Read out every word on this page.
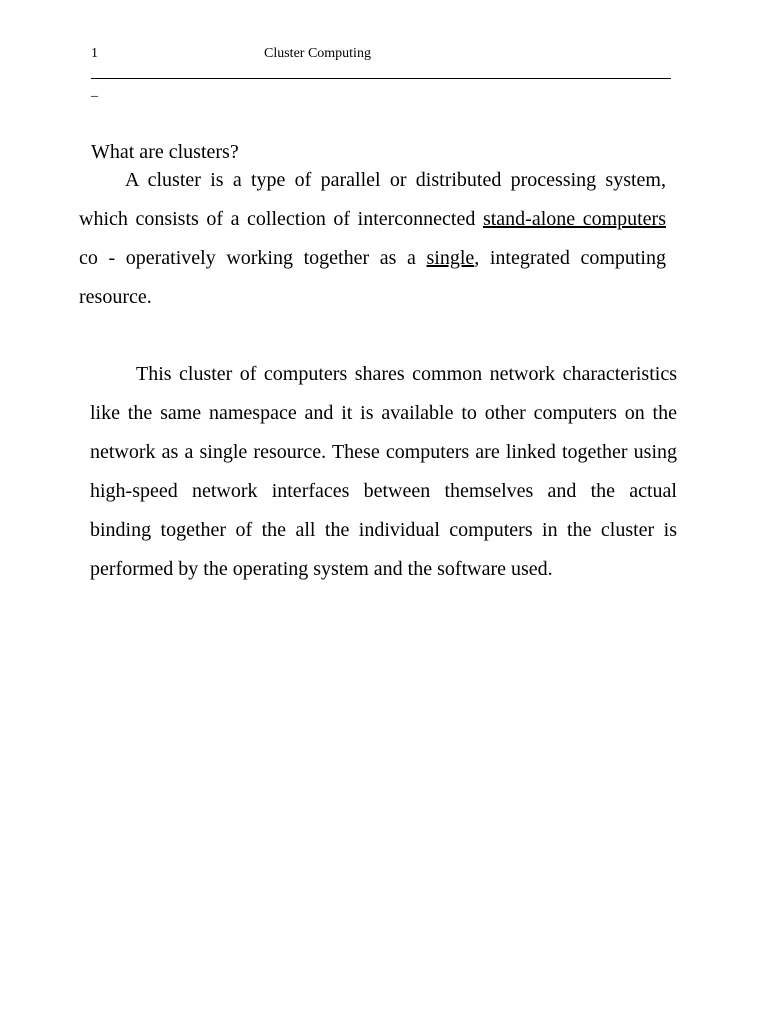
1	Cluster Computing
_
What are clusters?

A cluster is a type of parallel or distributed processing system, which consists of a collection of interconnected stand-alone computers co - operatively working together as a single, integrated computing resource.

This cluster of computers shares common network characteristics like the same namespace and it is available to other computers on the network as a single resource. These computers are linked together using high-speed network interfaces between themselves and the actual binding together of the all the individual computers in the cluster is performed by the operating system and the software used.
